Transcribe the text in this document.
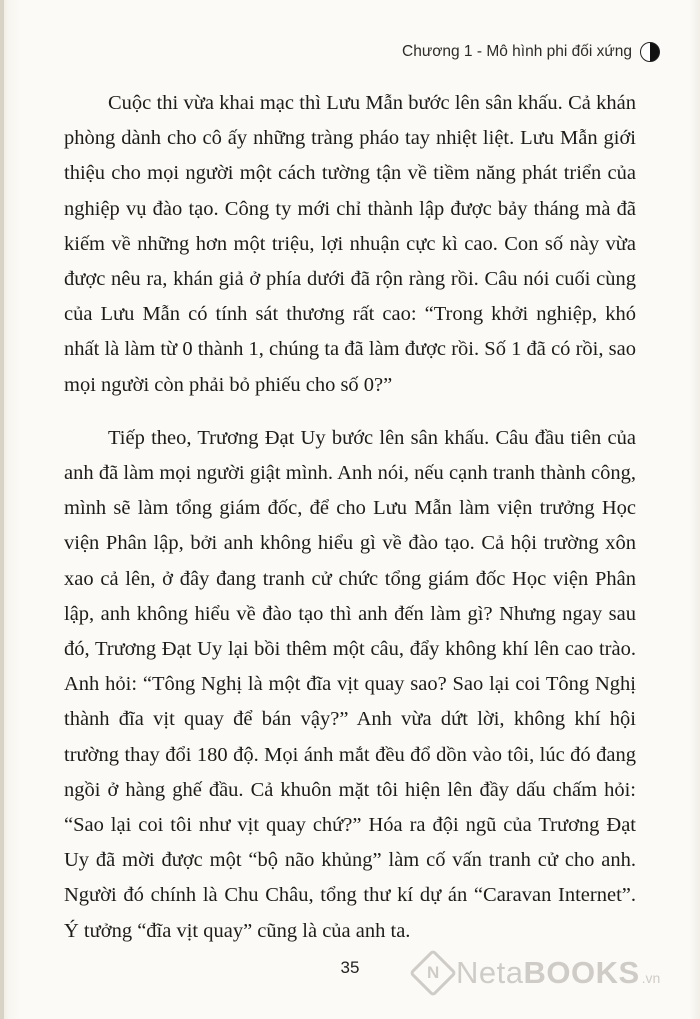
Chương 1 - Mô hình phi đối xứng

Cuộc thi vừa khai mạc thì Lưu Mẫn bước lên sân khấu. Cả khán phòng dành cho cô ấy những tràng pháo tay nhiệt liệt. Lưu Mẫn giới thiệu cho mọi người một cách tường tận về tiềm năng phát triển của nghiệp vụ đào tạo. Công ty mới chỉ thành lập được bảy tháng mà đã kiếm về những hơn một triệu, lợi nhuận cực kì cao. Con số này vừa được nêu ra, khán giả ở phía dưới đã rộn ràng rồi. Câu nói cuối cùng của Lưu Mẫn có tính sát thương rất cao: “Trong khởi nghiệp, khó nhất là làm từ 0 thành 1, chúng ta đã làm được rồi. Số 1 đã có rồi, sao mọi người còn phải bỏ phiếu cho số 0?”

Tiếp theo, Trương Đạt Uy bước lên sân khấu. Câu đầu tiên của anh đã làm mọi người giật mình. Anh nói, nếu cạnh tranh thành công, mình sẽ làm tổng giám đốc, để cho Lưu Mẫn làm viện trưởng Học viện Phân lập, bởi anh không hiểu gì về đào tạo. Cả hội trường xôn xao cả lên, ở đây đang tranh cử chức tổng giám đốc Học viện Phân lập, anh không hiểu về đào tạo thì anh đến làm gì? Nhưng ngay sau đó, Trương Đạt Uy lại bồi thêm một câu, đẩy không khí lên cao trào. Anh hỏi: “Tông Nghị là một đĩa vịt quay sao? Sao lại coi Tông Nghị thành đĩa vịt quay để bán vậy?” Anh vừa dứt lời, không khí hội trường thay đổi 180 độ. Mọi ánh mắt đều đổ dồn vào tôi, lúc đó đang ngồi ở hàng ghế đầu. Cả khuôn mặt tôi hiện lên đầy dấu chấm hỏi: “Sao lại coi tôi như vịt quay chứ?” Hóa ra đội ngũ của Trương Đạt Uy đã mời được một “bộ não khủng” làm cố vấn tranh cử cho anh. Người đó chính là Chu Châu, tổng thư kí dự án “Caravan Internet”. Ý tưởng “đĩa vịt quay” cũng là của anh ta.

35	N NetaBOOKS .vn
